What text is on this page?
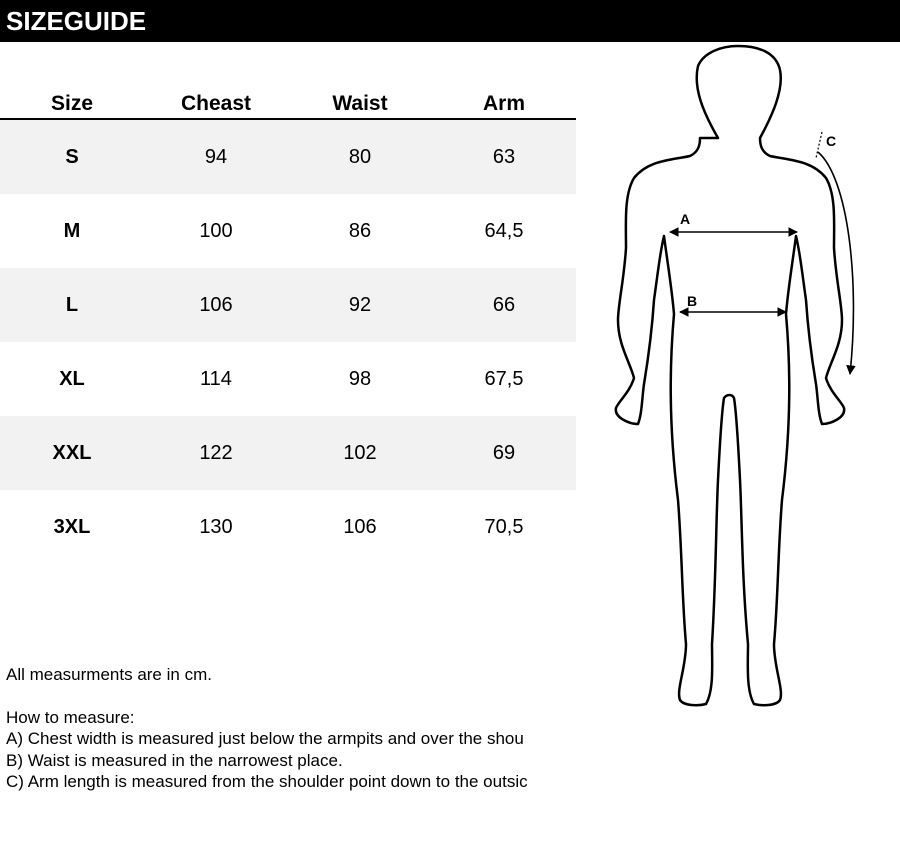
SIZEGUIDE
Size	Cheast	Waist	Arm
S	94	80	63
M	100	86	64,5
L	106	92	66
XL	114	98	67,5
XXL	122	102	69
3XL	130	106	70,5

All measurments are in cm.

How to measure:

A) Chest width is measured just below the armpits and over the shou

B) Waist is measured in the narrowest place.

C) Arm length is measured from the shoulder point down to the outsic

A
B
C
